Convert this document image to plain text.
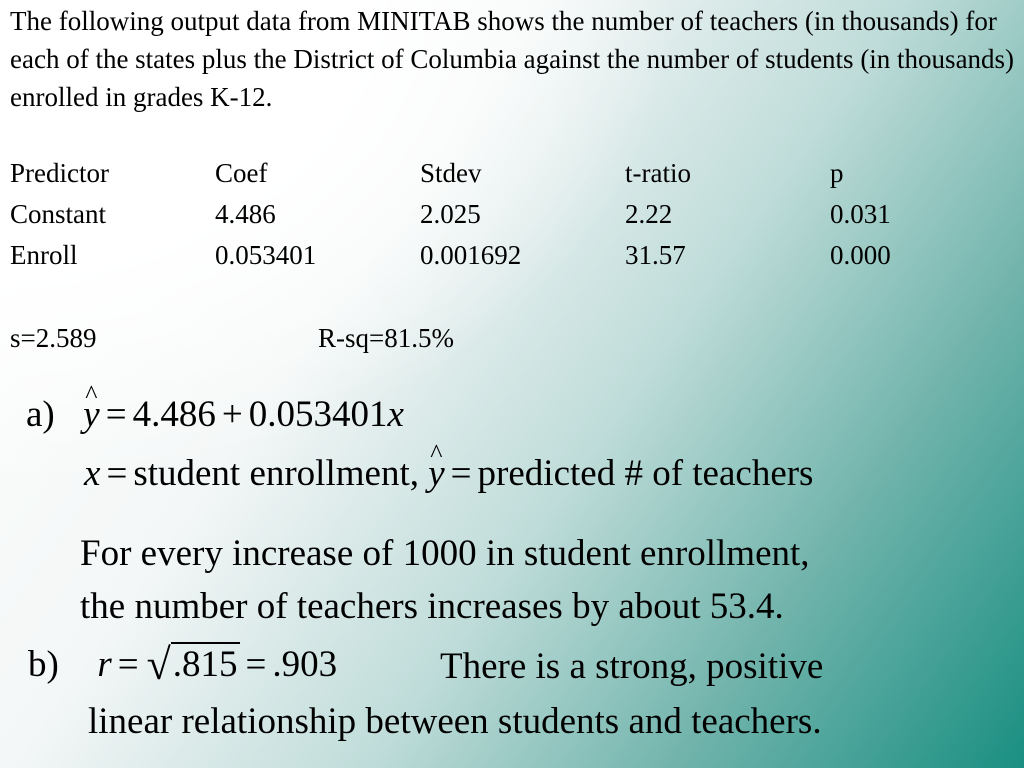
The following output data from MINITAB shows the number of teachers (in thousands) for each of the states plus the District of Columbia against the number of students (in thousands) enrolled in grades K-12.
Predictor	Coef	Stdev	t-ratio	p
Constant	4.486	2.025	2.22	0.031
Enroll	0.053401	0.001692	31.57	0.000
s=2.589	R-sq=81.5%
a) ^ y = 4.486 + 0.053401x
x = student enrollment, ^ y = predicted # of teachers
For every increase of 1000 in student enrollment,
the number of teachers increases by about 53.4.
b) r = √.815 = .903	There is a strong, positive
linear relationship between students and teachers.
